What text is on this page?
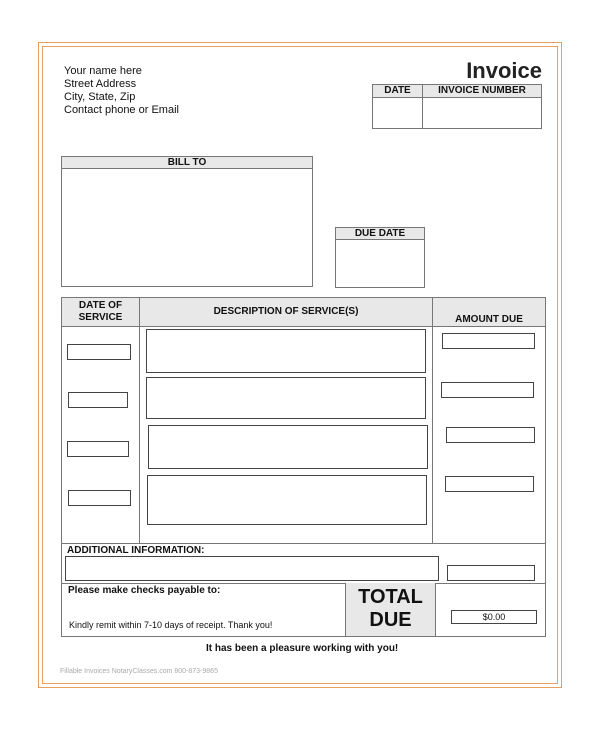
Your name here
Street Address
City, State, Zip
Contact phone or Email
Invoice
DATE	INVOICE NUMBER
BILL TO
DUE DATE
DATE OF SERVICE
DESCRIPTION OF SERVICE(S)
AMOUNT DUE
ADDITIONAL INFORMATION:
Please make checks payable to:
Kindly remit within 7-10 days of receipt. Thank you!
TOTAL
DUE	$0.00
It has been a pleasure working with you!
Fillable Invoices NotaryClasses.com 800-873-9865
